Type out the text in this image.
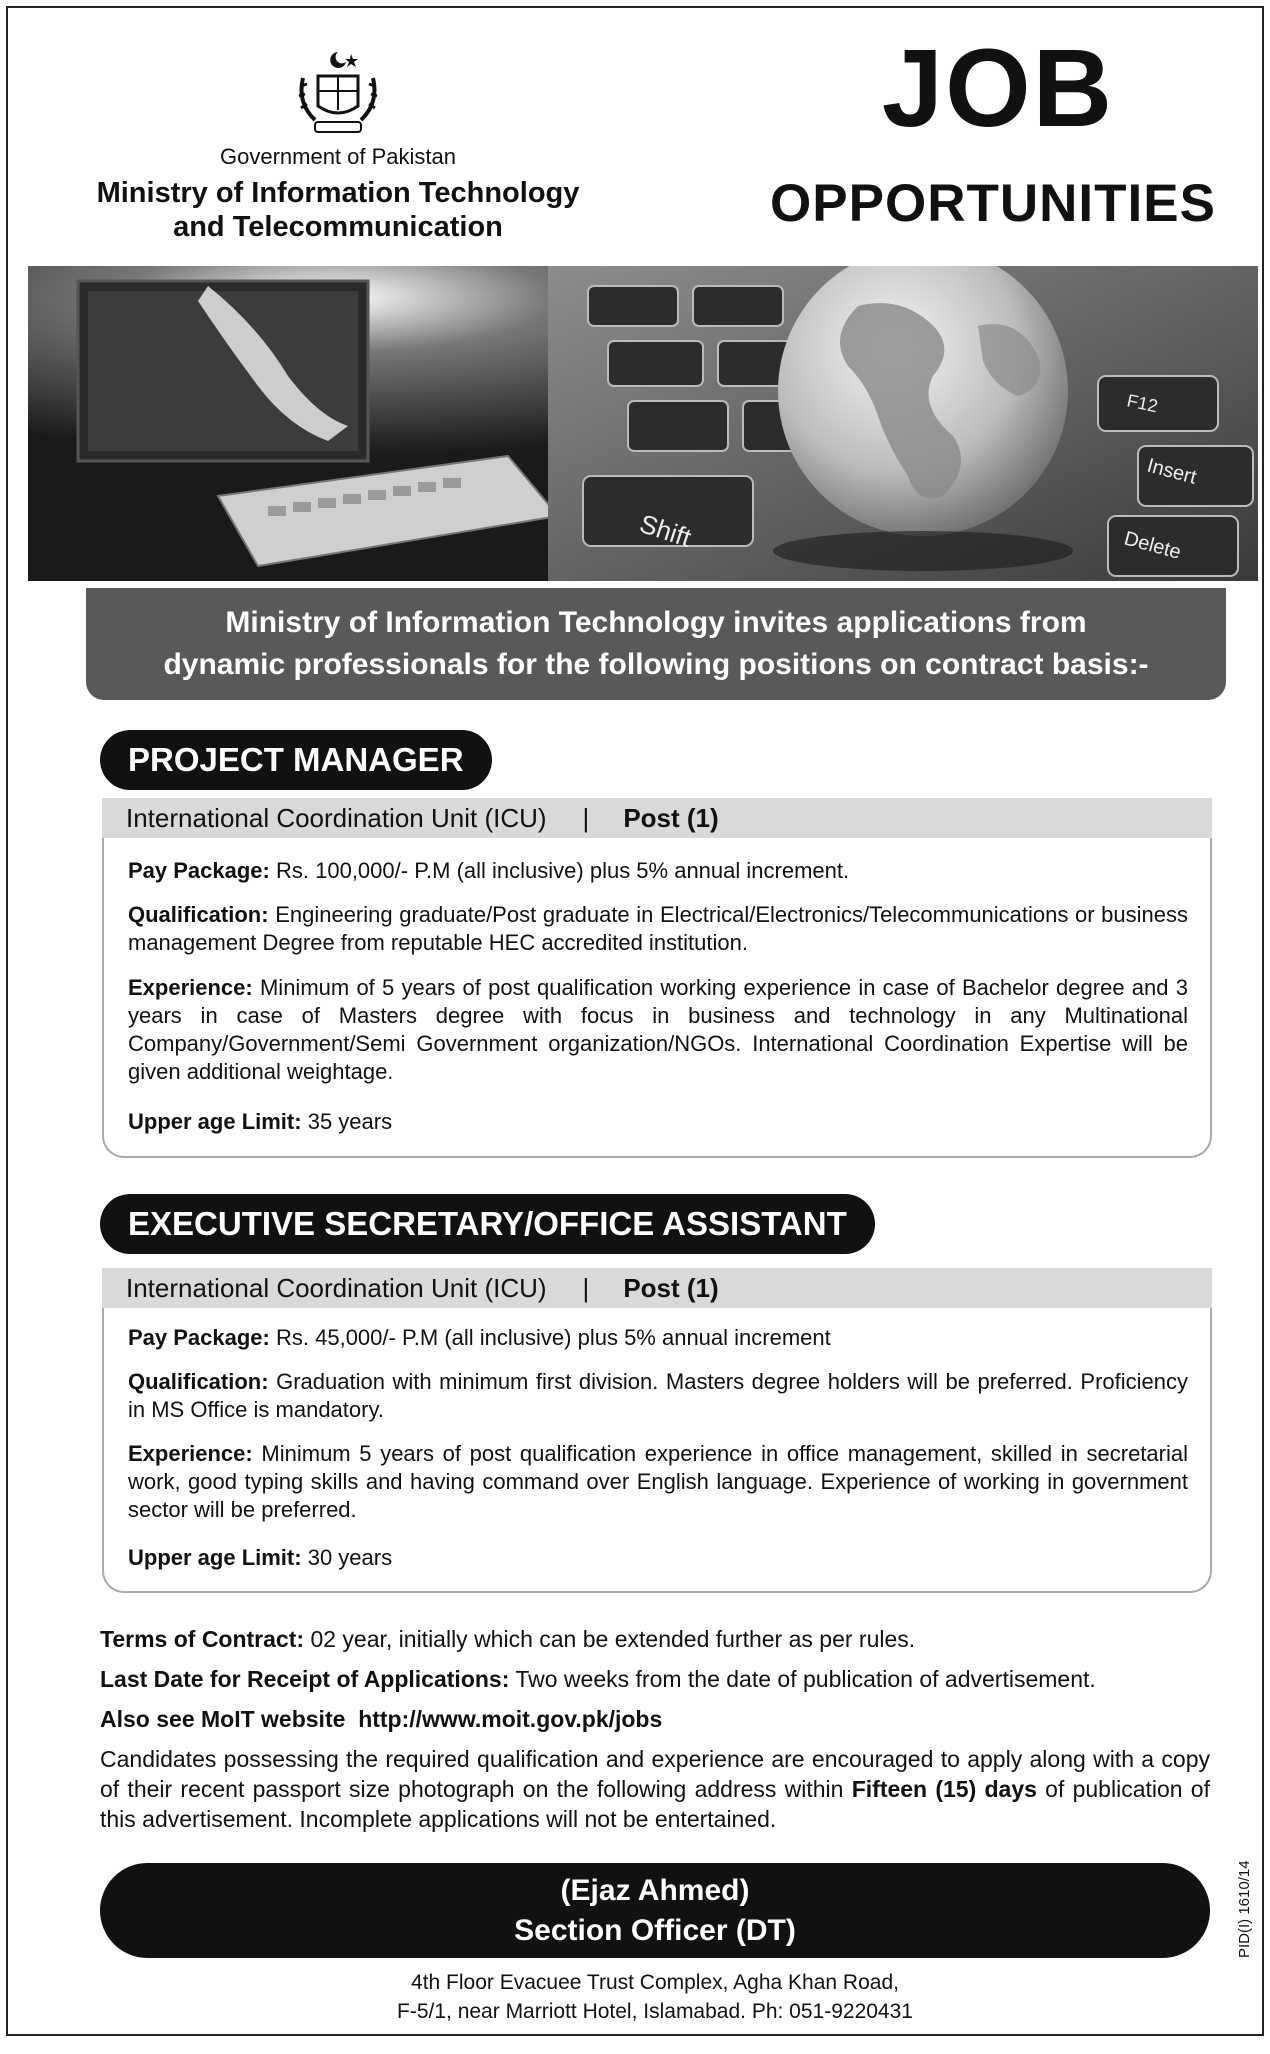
Government of Pakistan
Ministry of Information Technology
and Telecommunication
JOB
OPPORTUNITIES
Shift
Insert
Delete
F12
Ministry of Information Technology invites applications from
dynamic professionals for the following positions on contract basis:-
PROJECT MANAGER
International Coordination Unit (ICU) | Post (1)
Pay Package: Rs. 100,000/- P.M (all inclusive) plus 5% annual increment.
Qualification: Engineering graduate/Post graduate in Electrical/Electronics/Telecommunications or business management Degree from reputable HEC accredited institution.
Experience: Minimum of 5 years of post qualification working experience in case of Bachelor degree and 3 years in case of Masters degree with focus in business and technology in any Multinational Company/Government/Semi Government organization/NGOs. International Coordination Expertise will be given additional weightage.
Upper age Limit: 35 years
EXECUTIVE SECRETARY/OFFICE ASSISTANT
International Coordination Unit (ICU) | Post (1)
Pay Package: Rs. 45,000/- P.M (all inclusive) plus 5% annual increment
Qualification: Graduation with minimum first division. Masters degree holders will be preferred. Proficiency in MS Office is mandatory.
Experience: Minimum 5 years of post qualification experience in office management, skilled in secretarial work, good typing skills and having command over English language. Experience of working in government sector will be preferred.
Upper age Limit: 30 years
Terms of Contract: 02 year, initially which can be extended further as per rules.
Last Date for Receipt of Applications: Two weeks from the date of publication of advertisement.
Also see MoIT website http://www.moit.gov.pk/jobs
Candidates possessing the required qualification and experience are encouraged to apply along with a copy of their recent passport size photograph on the following address within Fifteen (15) days of publication of this advertisement. Incomplete applications will not be entertained.
(Ejaz Ahmed)
Section Officer (DT)
4th Floor Evacuee Trust Complex, Agha Khan Road,
F-5/1, near Marriott Hotel, Islamabad. Ph: 051-9220431
PID(I) 1610/14
